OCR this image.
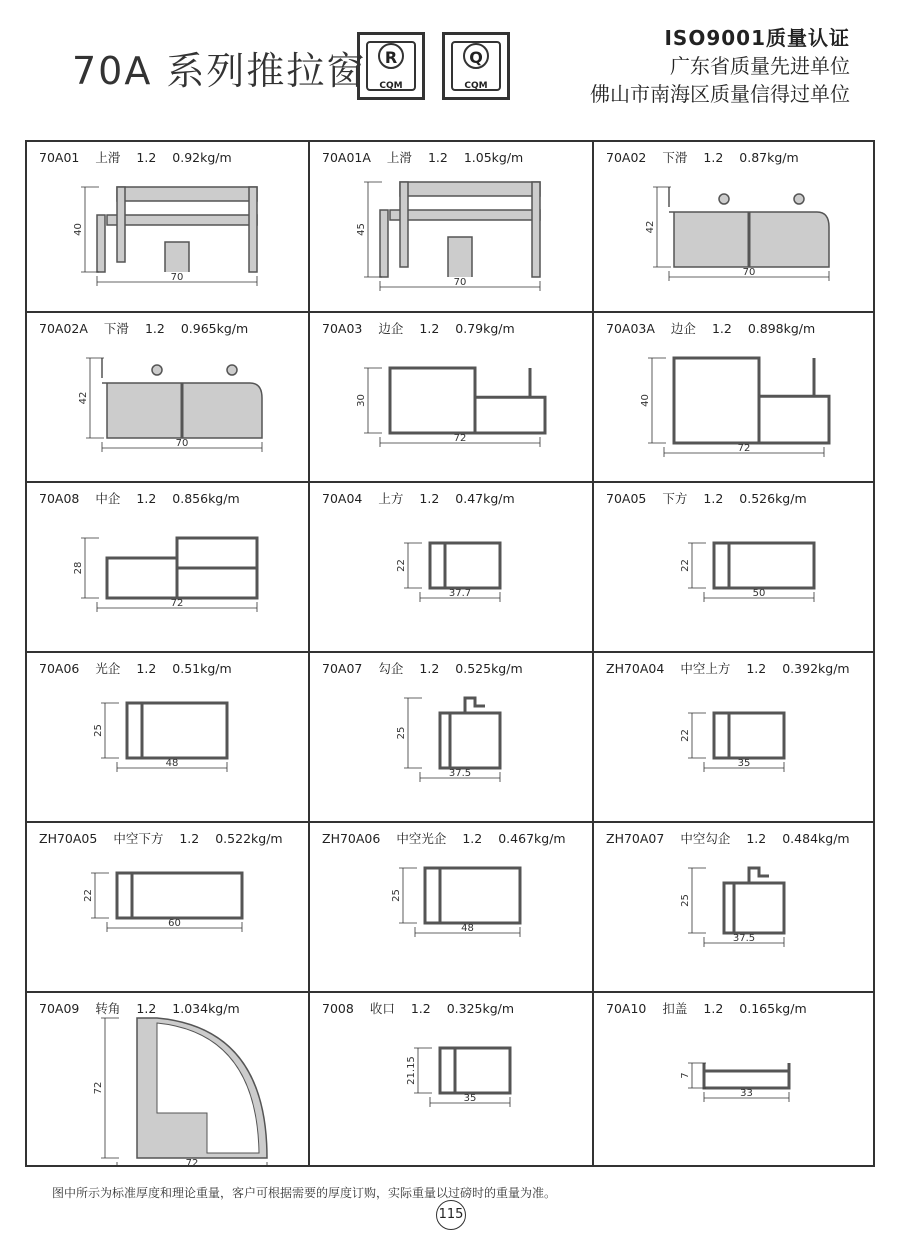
70A 系列推拉窗	R
CQM
Q
CQM
ISO9001质量认证
广东省质量先进单位
佛山市南海区质量信得过单位
70A01 上滑 1.2 0.92kg/m
40
70
70A01A 上滑 1.2 1.05kg/m
45
70
70A02 下滑 1.2 0.87kg/m
42
70
70A02A 下滑 1.2 0.965kg/m
42
70
70A03 边企 1.2 0.79kg/m
30
72
70A03A 边企 1.2 0.898kg/m
40
72
70A08 中企 1.2 0.856kg/m
28
72
70A04 上方 1.2 0.47kg/m
22
37.7
70A05 下方 1.2 0.526kg/m
22
50
70A06 光企 1.2 0.51kg/m
25
48
70A07 勾企 1.2 0.525kg/m
25
37.5
ZH70A04 中空上方 1.2 0.392kg/m
22
35
ZH70A05 中空下方 1.2 0.522kg/m
22
60
ZH70A06 中空光企 1.2 0.467kg/m
25
48
ZH70A07 中空勾企 1.2 0.484kg/m
25
37.5
70A09 转角 1.2 1.034kg/m
72
72
7008 收口 1.2 0.325kg/m
21.15
35
70A10 扣盖 1.2 0.165kg/m
7
33
图中所示为标准厚度和理论重量，客户可根据需要的厚度订购，实际重量以过磅时的重量为准。
115
